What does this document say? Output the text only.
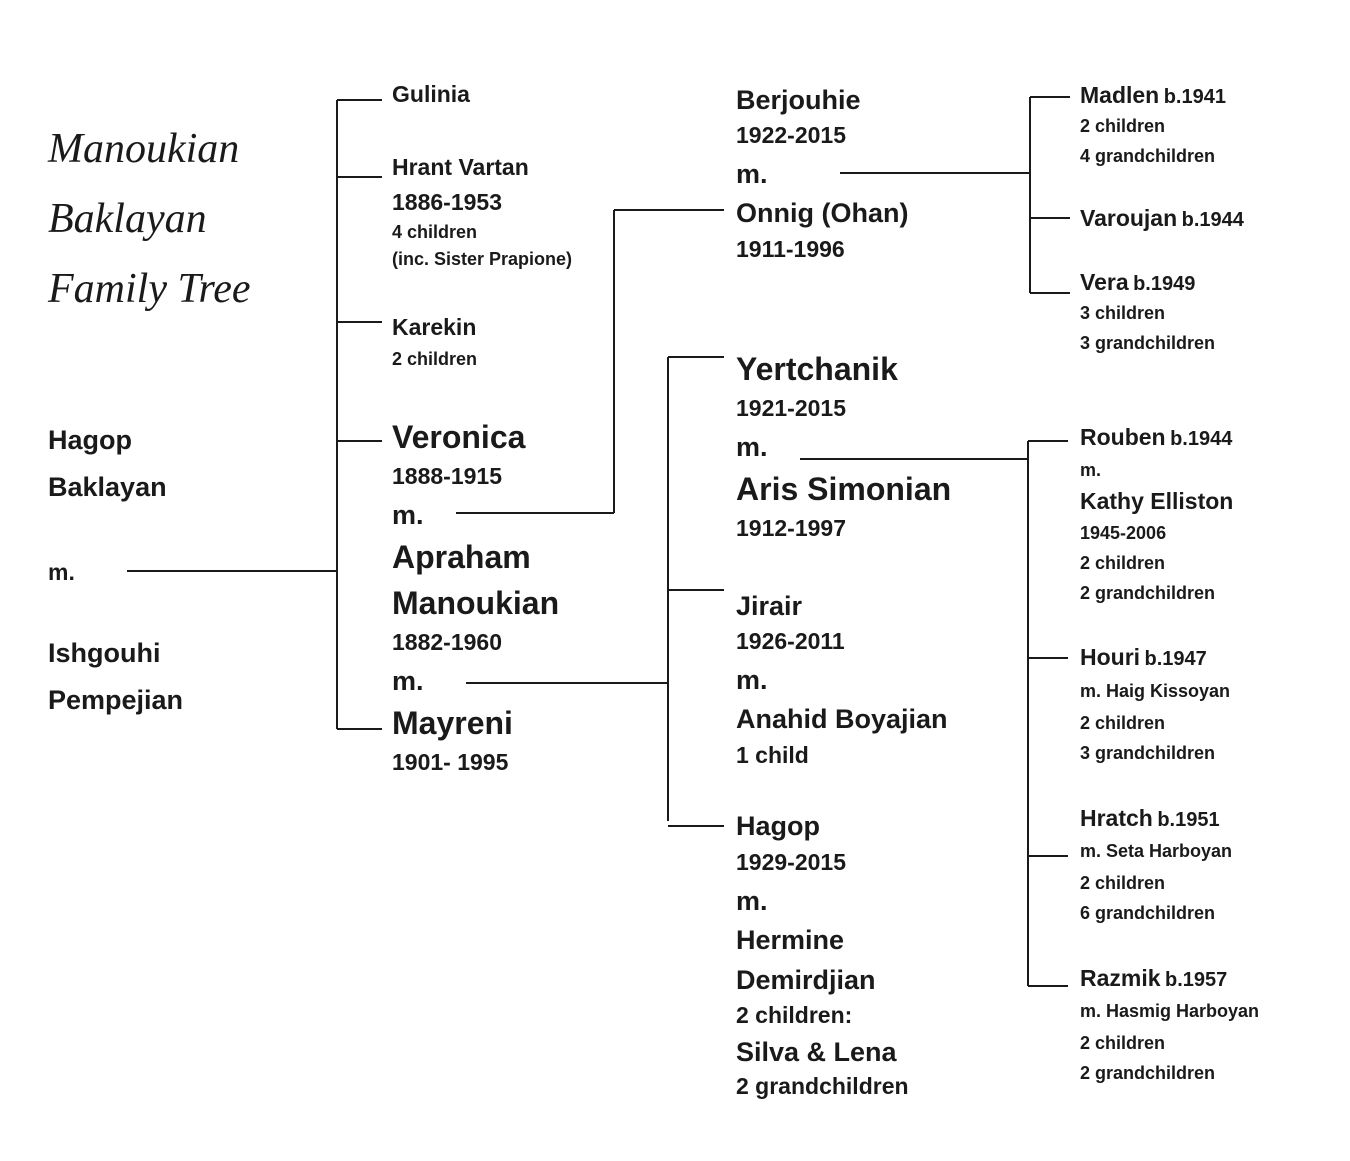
Manoukian
Baklayan
Family Tree
Hagop
Baklayan
m.
Ishgouhi
Pempejian
Gulinia
Hrant Vartan
1886-1953
4 children
(inc. Sister Prapione)
Karekin
2 children
Veronica
1888-1915
m.
Apraham
Manoukian
1882-1960
m.
Mayreni
1901- 1995
Berjouhie
1922-2015
m.
Onnig (Ohan)
1911-1996
Yertchanik
1921-2015
m.
Aris Simonian
1912-1997
Jirair
1926-2011
m.
Anahid Boyajian
1 child
Hagop
1929-2015
m.
Hermine
Demirdjian
2 children:
Silva & Lena
2 grandchildren
Madlen b.1941
2 children
4 grandchildren
Varoujan b.1944
Vera b.1949
3 children
3 grandchildren
Rouben b.1944
m.
Kathy Elliston
1945-2006
2 children
2 grandchildren
Houri b.1947
m. Haig Kissoyan
2 children
3 grandchildren
Hratch b.1951
m. Seta Harboyan
2 children
6 grandchildren
Razmik b.1957
m. Hasmig Harboyan
2 children
2 grandchildren
